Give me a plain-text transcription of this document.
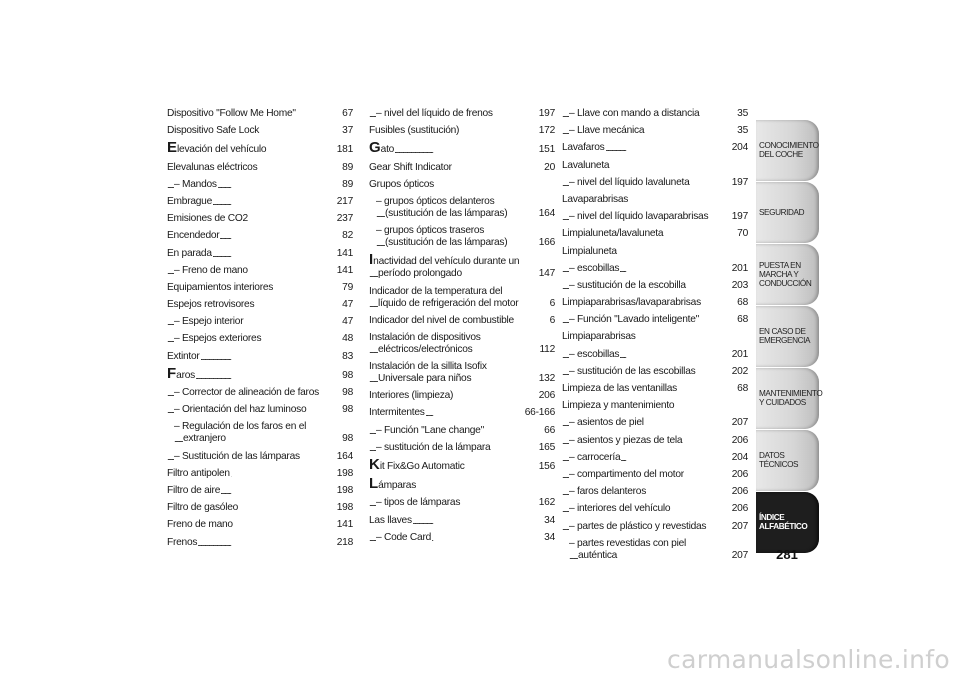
Dispositivo "Follow Me Home" . . .	67
Dispositivo Safe Lock . . .	37
Elevación del vehículo . . .	181
Elevalunas eléctricos . . .	89
– Mandos . . .	89
Embrague . . .	217
Emisiones de CO2 . . .	237
Encendedor . . .	82
En parada . . .	141
– Freno de mano . . .	141
Equipamientos interiores . . .	79
Espejos retrovisores . . .	47
– Espejo interior . . .	47
– Espejos exteriores . . .	48
Extintor . . .	83
Faros . . .	98
– Corrector de alineación de faros . . .	98
– Orientación del haz luminoso . . .	98
– Regulación de los faros en el
extranjero . . .	98
– Sustitución de las lámparas . . .	164
Filtro antipolen . . .	198
Filtro de aire . . .	198
Filtro de gasóleo . . .	198
Freno de mano . . .	141
Frenos . . .	218
– nivel del líquido de frenos . . .	197
Fusibles (sustitución) . . .	172
Gato . . .	151
Gear Shift Indicator . . .	20
Grupos ópticos
– grupos ópticos delanteros
(sustitución de las lámparas) . . .	164
– grupos ópticos traseros
(sustitución de las lámparas) . . .	166
Inactividad del vehículo durante un
período prolongado . . .	147
Indicador de la temperatura del
líquido de refrigeración del motor . . .	6
Indicador del nivel de combustible . . .	6
Instalación de dispositivos
eléctricos/electrónicos . . .	112
Instalación de la sillita Isofix
Universale para niños . . .	132
Interiores (limpieza) . . .	206
Intermitentes . . .	66-166
– Función "Lane change" . . .	66
– sustitución de la lámpara . . .	165
Kit Fix&Go Automatic . . .	156
Lámparas
– tipos de lámparas . . .	162
Las llaves . . .	34
– Code Card . . .	34
– Llave con mando a distancia . . .	35
– Llave mecánica . . .	35
Lavafaros . . .	204
Lavaluneta
– nivel del líquido lavaluneta . . .	197
Lavaparabrisas
– nivel del líquido lavaparabrisas . . .	197
Limpialuneta/lavaluneta . . .	70
Limpialuneta
– escobillas . . .	201
– sustitución de la escobilla . . .	203
Limpiaparabrisas/lavaparabrisas . . .	68
– Función "Lavado inteligente" . . .	68
Limpiaparabrisas
– escobillas . . .	201
– sustitución de las escobillas . . .	202
Limpieza de las ventanillas . . .	68
Limpieza y mantenimiento
– asientos de piel . . .	207
– asientos y piezas de tela . . .	206
– carrocería . . .	204
– compartimento del motor . . .	206
– faros delanteros . . .	206
– interiores del vehículo . . .	206
– partes de plástico y revestidas . . .	207
– partes revestidas con piel
auténtica . . .	207
CONOCIMIENTO DEL COCHE
SEGURIDAD
PUESTA EN MARCHA Y CONDUCCIÓN
EN CASO DE EMERGENCIA
MANTENIMIENTO Y CUIDADOS
DATOS TÉCNICOS
ÍNDICE ALFABÉTICO
281
carmanualsonline.info
